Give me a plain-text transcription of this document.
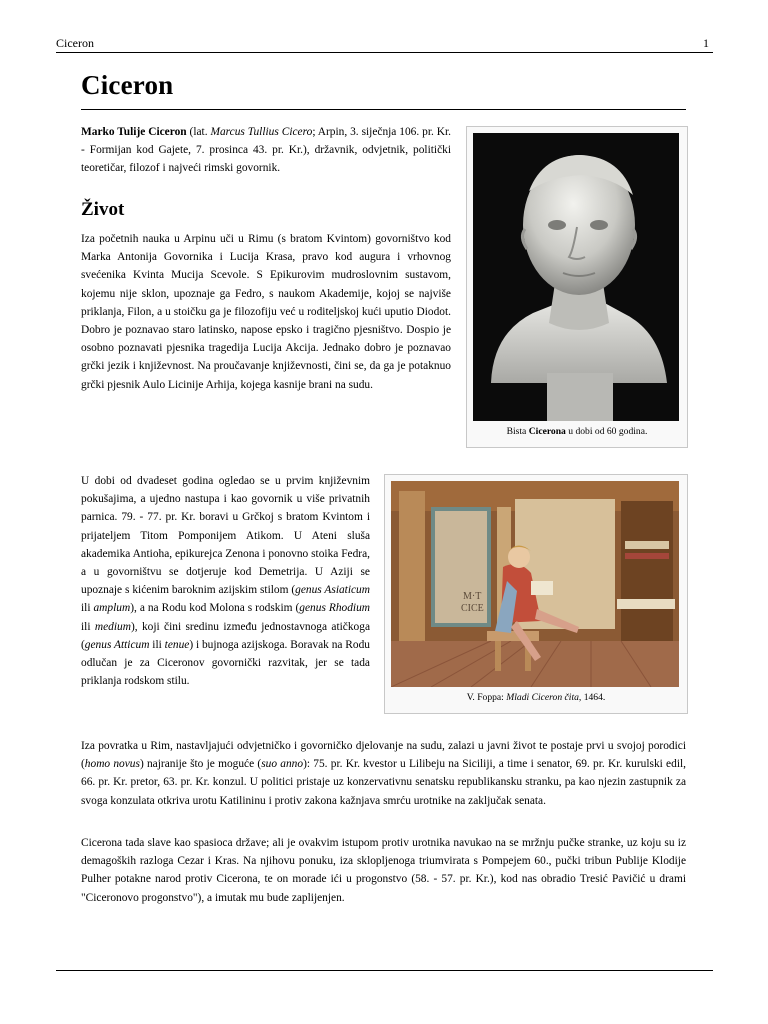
Ciceron	1
Ciceron

Marko Tulije Ciceron (lat. Marcus Tullius Cicero; Arpin, 3. siječnja 106. pr. Kr. - Formijan kod Gajete, 7. prosinca 43. pr. Kr.), državnik, odvjetnik, politički teoretičar, filozof i najveći rimski govornik.

Život

Iza početnih nauka u Arpinu uči u Rimu (s bratom Kvintom) govorništvo kod Marka Antonija Govornika i Lucija Krasa, pravo kod augura i vrhovnog svećenika Kvinta Mucija Scevole. S Epikurovim mudroslovnim sustavom, kojemu nije sklon, upoznaje ga Fedro, s naukom Akademije, kojoj se najviše priklanja, Filon, a u stoičku ga je filozofiju već u roditeljskoj kući uputio Diodot. Dobro je poznavao staro latinsko, napose epsko i tragično pjesništvo. Dospio je osobno poznavati pjesnika tragedija Lucija Akcija. Jednako dobro je poznavao grčki jezik i književnost. Na proučavanje književnosti, čini se, da ga je potaknuo grčki pjesnik Aulo Licinije Arhija, kojega kasnije brani na sudu.

Bista Cicerona u dobi od 60 godina.

U dobi od dvadeset godina ogledao se u prvim književnim pokušajima, a ujedno nastupa i kao govornik u više privatnih parnica. 79. - 77. pr. Kr. boravi u Grčkoj s bratom Kvintom i prijateljem Titom Pomponijem Atikom. U Ateni sluša akademika Antioha, epikurejca Zenona i ponovno stoika Fedra, a u govorništvu se dotjeruje kod Demetrija. U Aziji se upoznaje s kićenim baroknim azijskim stilom (genus Asiaticum ili amplum), a na Rodu kod Molona s rodskim (genus Rhodium ili medium), koji čini sredinu između jednostavnoga atičkoga (genus Atticum ili tenue) i bujnoga azijskoga. Boravak na Rodu odlučan je za Ciceronov govornički razvitak, jer se tada priklanja rodskom stilu.

M·T
CICE
V. Foppa: Mladi Ciceron čita, 1464.

Iza povratka u Rim, nastavljajući odvjetničko i govorničko djelovanje na sudu, zalazi u javni život te postaje prvi u svojoj porodici (homo novus) najranije što je moguće (suo anno): 75. pr. Kr. kvestor u Lilibeju na Siciliji, a time i senator, 69. pr. Kr. kurulski edil, 66. pr. Kr. pretor, 63. pr. Kr. konzul. U politici pristaje uz konzervativnu senatsku republikansku stranku, pa kao njezin zastupnik za svoga konzulata otkriva urotu Katilininu i protiv zakona kažnjava smrću urotnike na zaključak senata.

Cicerona tada slave kao spasioca države; ali je ovakvim istupom protiv urotnika navukao na se mržnju pučke stranke, uz koju su iz demagoških razloga Cezar i Kras. Na njihovu ponuku, iza sklopljenoga triumvirata s Pompejem 60., pučki tribun Publije Klodije Pulher potakne narod protiv Cicerona, te on morade ići u progonstvo (58. - 57. pr. Kr.), kod nas obradio Tresić Pavičić u drami "Ciceronovo progonstvo"), a imutak mu bude zaplijenjen.
